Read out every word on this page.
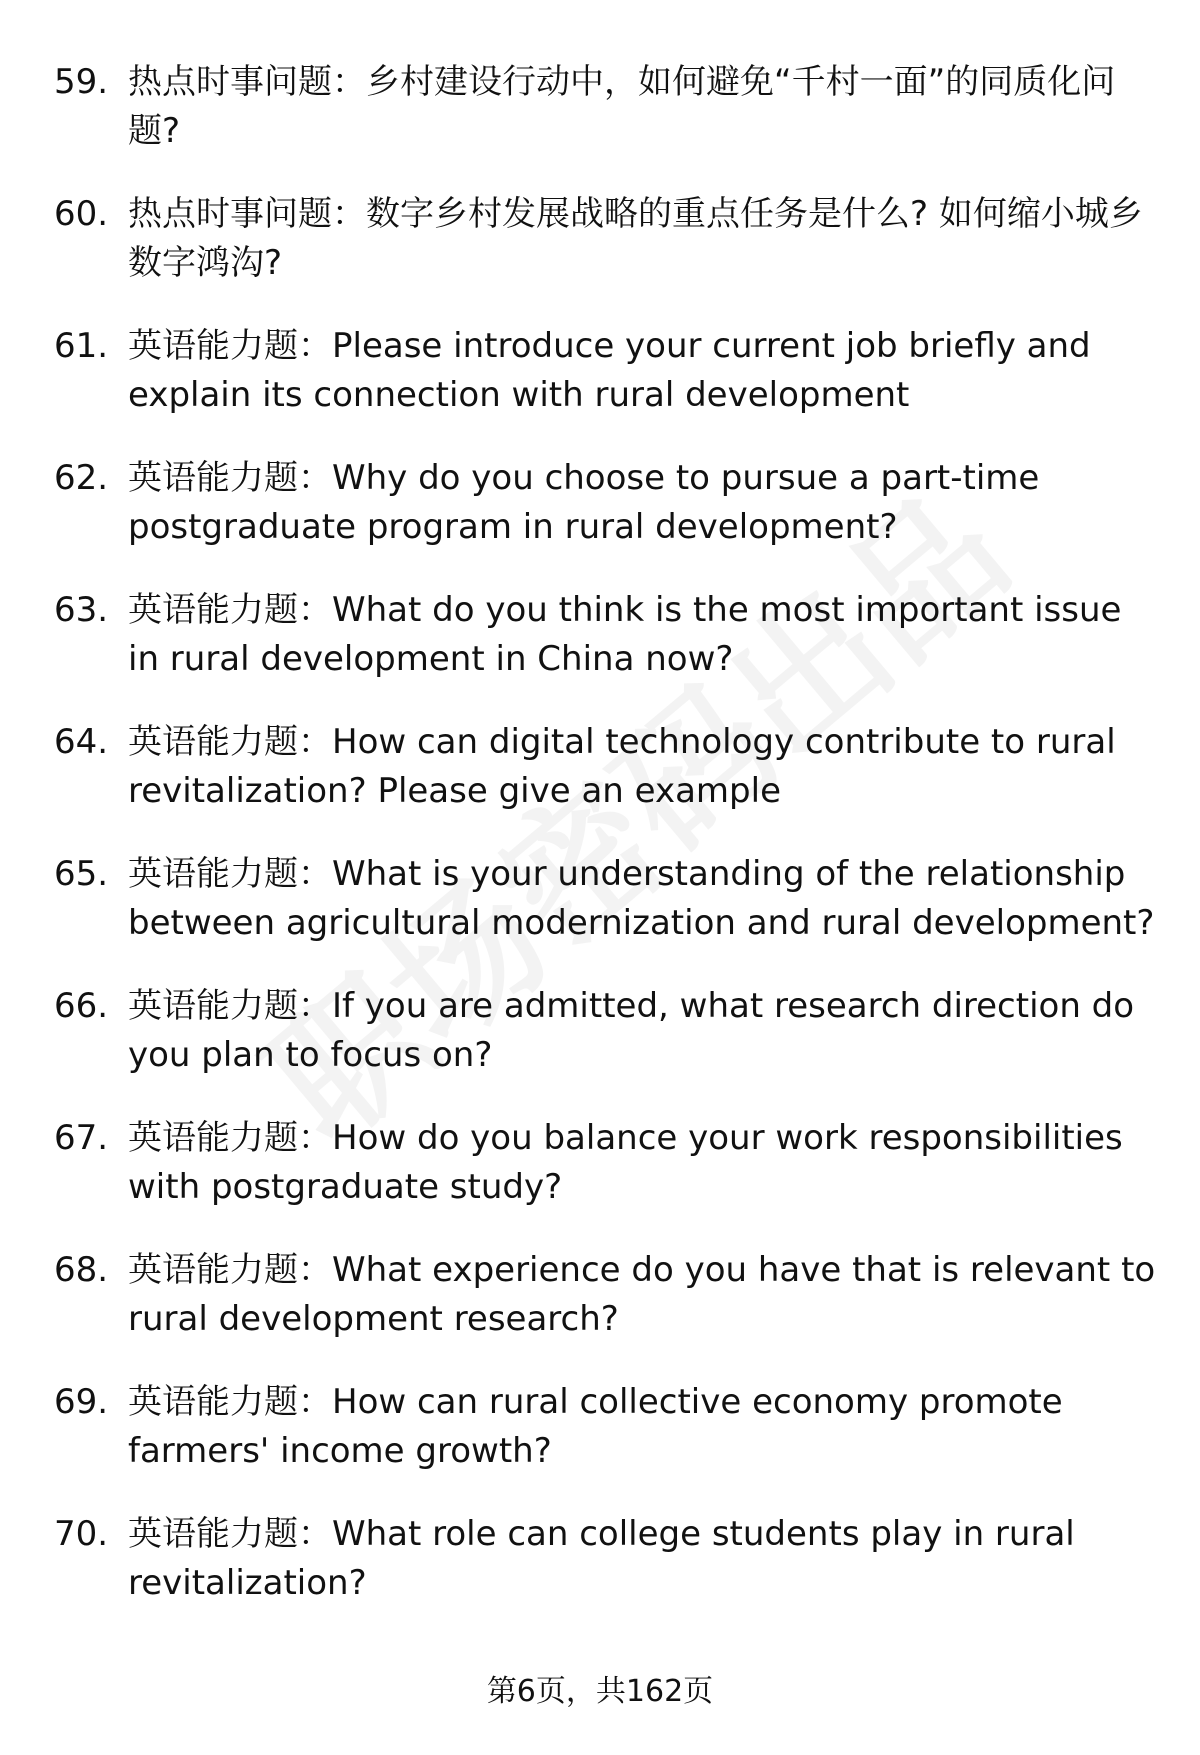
59. 热点时事问题：乡村建设行动中，如何避免“千村一面”的同质化问题?
60. 热点时事问题：数字乡村发展战略的重点任务是什么? 如何缩小城乡数字鸿沟?
61. 英语能力题：Please introduce your current job briefly and explain its connection with rural development
62. 英语能力题：Why do you choose to pursue a part-time postgraduate program in rural development?
63. 英语能力题：What do you think is the most important issue in rural development in China now?
64. 英语能力题：How can digital technology contribute to rural revitalization? Please give an example
65. 英语能力题：What is your understanding of the relationship between agricultural modernization and rural development?
66. 英语能力题：If you are admitted, what research direction do you plan to focus on?
67. 英语能力题：How do you balance your work responsibilities with postgraduate study?
68. 英语能力题：What experience do you have that is relevant to rural development research?
69. 英语能力题：How can rural collective economy promote farmers' income growth?
70. 英语能力题：What role can college students play in rural revitalization?
第6页，共162页
